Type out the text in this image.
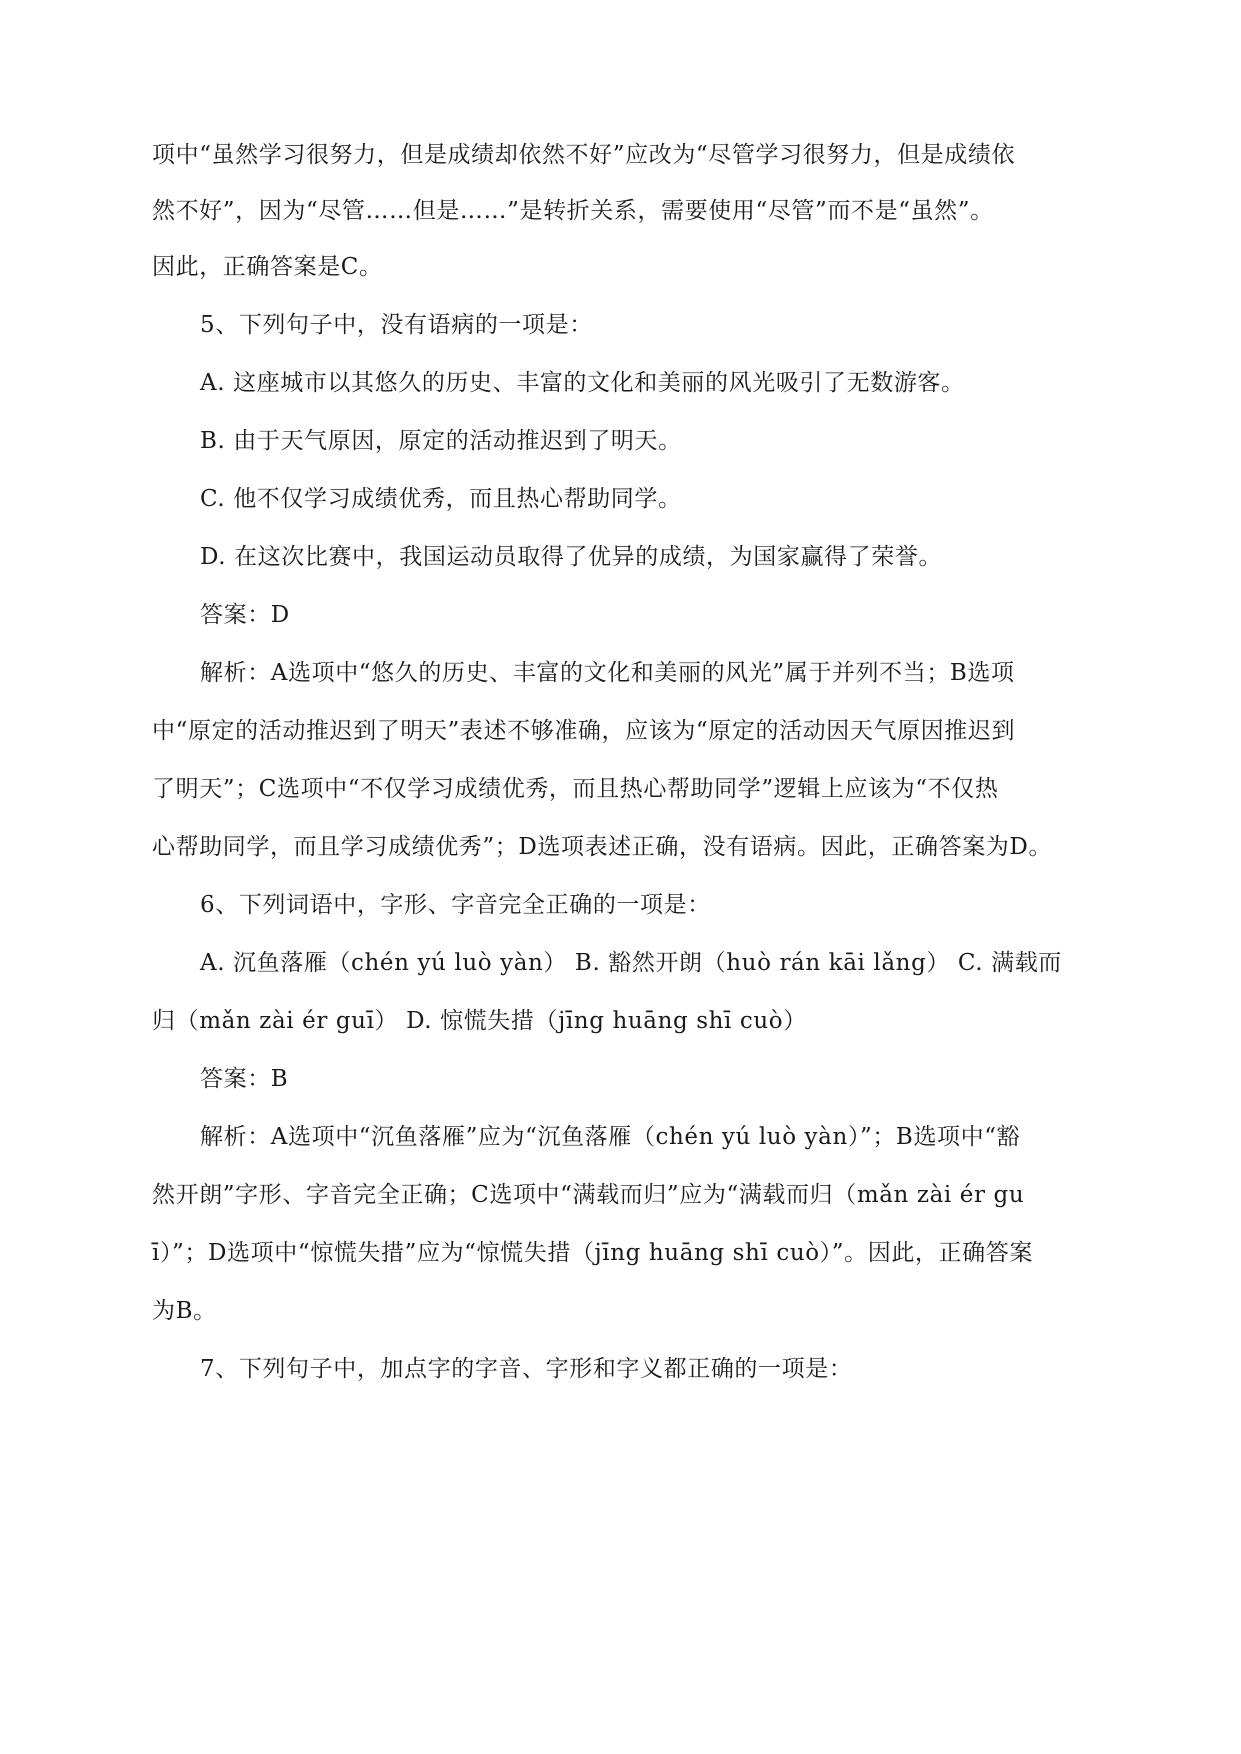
项中“虽然学习很努力，但是成绩却依然不好”应改为“尽管学习很努力，但是成绩依
然不好”，因为“尽管……但是……”是转折关系，需要使用“尽管”而不是“虽然”。
因此，正确答案是C。
5、下列句子中，没有语病的一项是：
A. 这座城市以其悠久的历史、丰富的文化和美丽的风光吸引了无数游客。
B. 由于天气原因，原定的活动推迟到了明天。
C. 他不仅学习成绩优秀，而且热心帮助同学。
D. 在这次比赛中，我国运动员取得了优异的成绩，为国家赢得了荣誉。
答案：D
解析：A选项中“悠久的历史、丰富的文化和美丽的风光”属于并列不当；B选项
中“原定的活动推迟到了明天”表述不够准确，应该为“原定的活动因天气原因推迟到
了明天”；C选项中“不仅学习成绩优秀，而且热心帮助同学”逻辑上应该为“不仅热
心帮助同学，而且学习成绩优秀”；D选项表述正确，没有语病。因此，正确答案为D。
6、下列词语中，字形、字音完全正确的一项是：
A. 沉鱼落雁（chén yú luò yàn） B. 豁然开朗（huò rán kāi lǎng） C. 满载而
归（mǎn zài ér guī） D. 惊慌失措（jīng huāng shī cuò）
答案：B
解析：A选项中“沉鱼落雁”应为“沉鱼落雁（chén yú luò yàn）”；B选项中“豁
然开朗”字形、字音完全正确；C选项中“满载而归”应为“满载而归（mǎn zài ér gu
ī）”；D选项中“惊慌失措”应为“惊慌失措（jīng huāng shī cuò）”。因此，正确答案
为B。
7、下列句子中，加点字的字音、字形和字义都正确的一项是：
